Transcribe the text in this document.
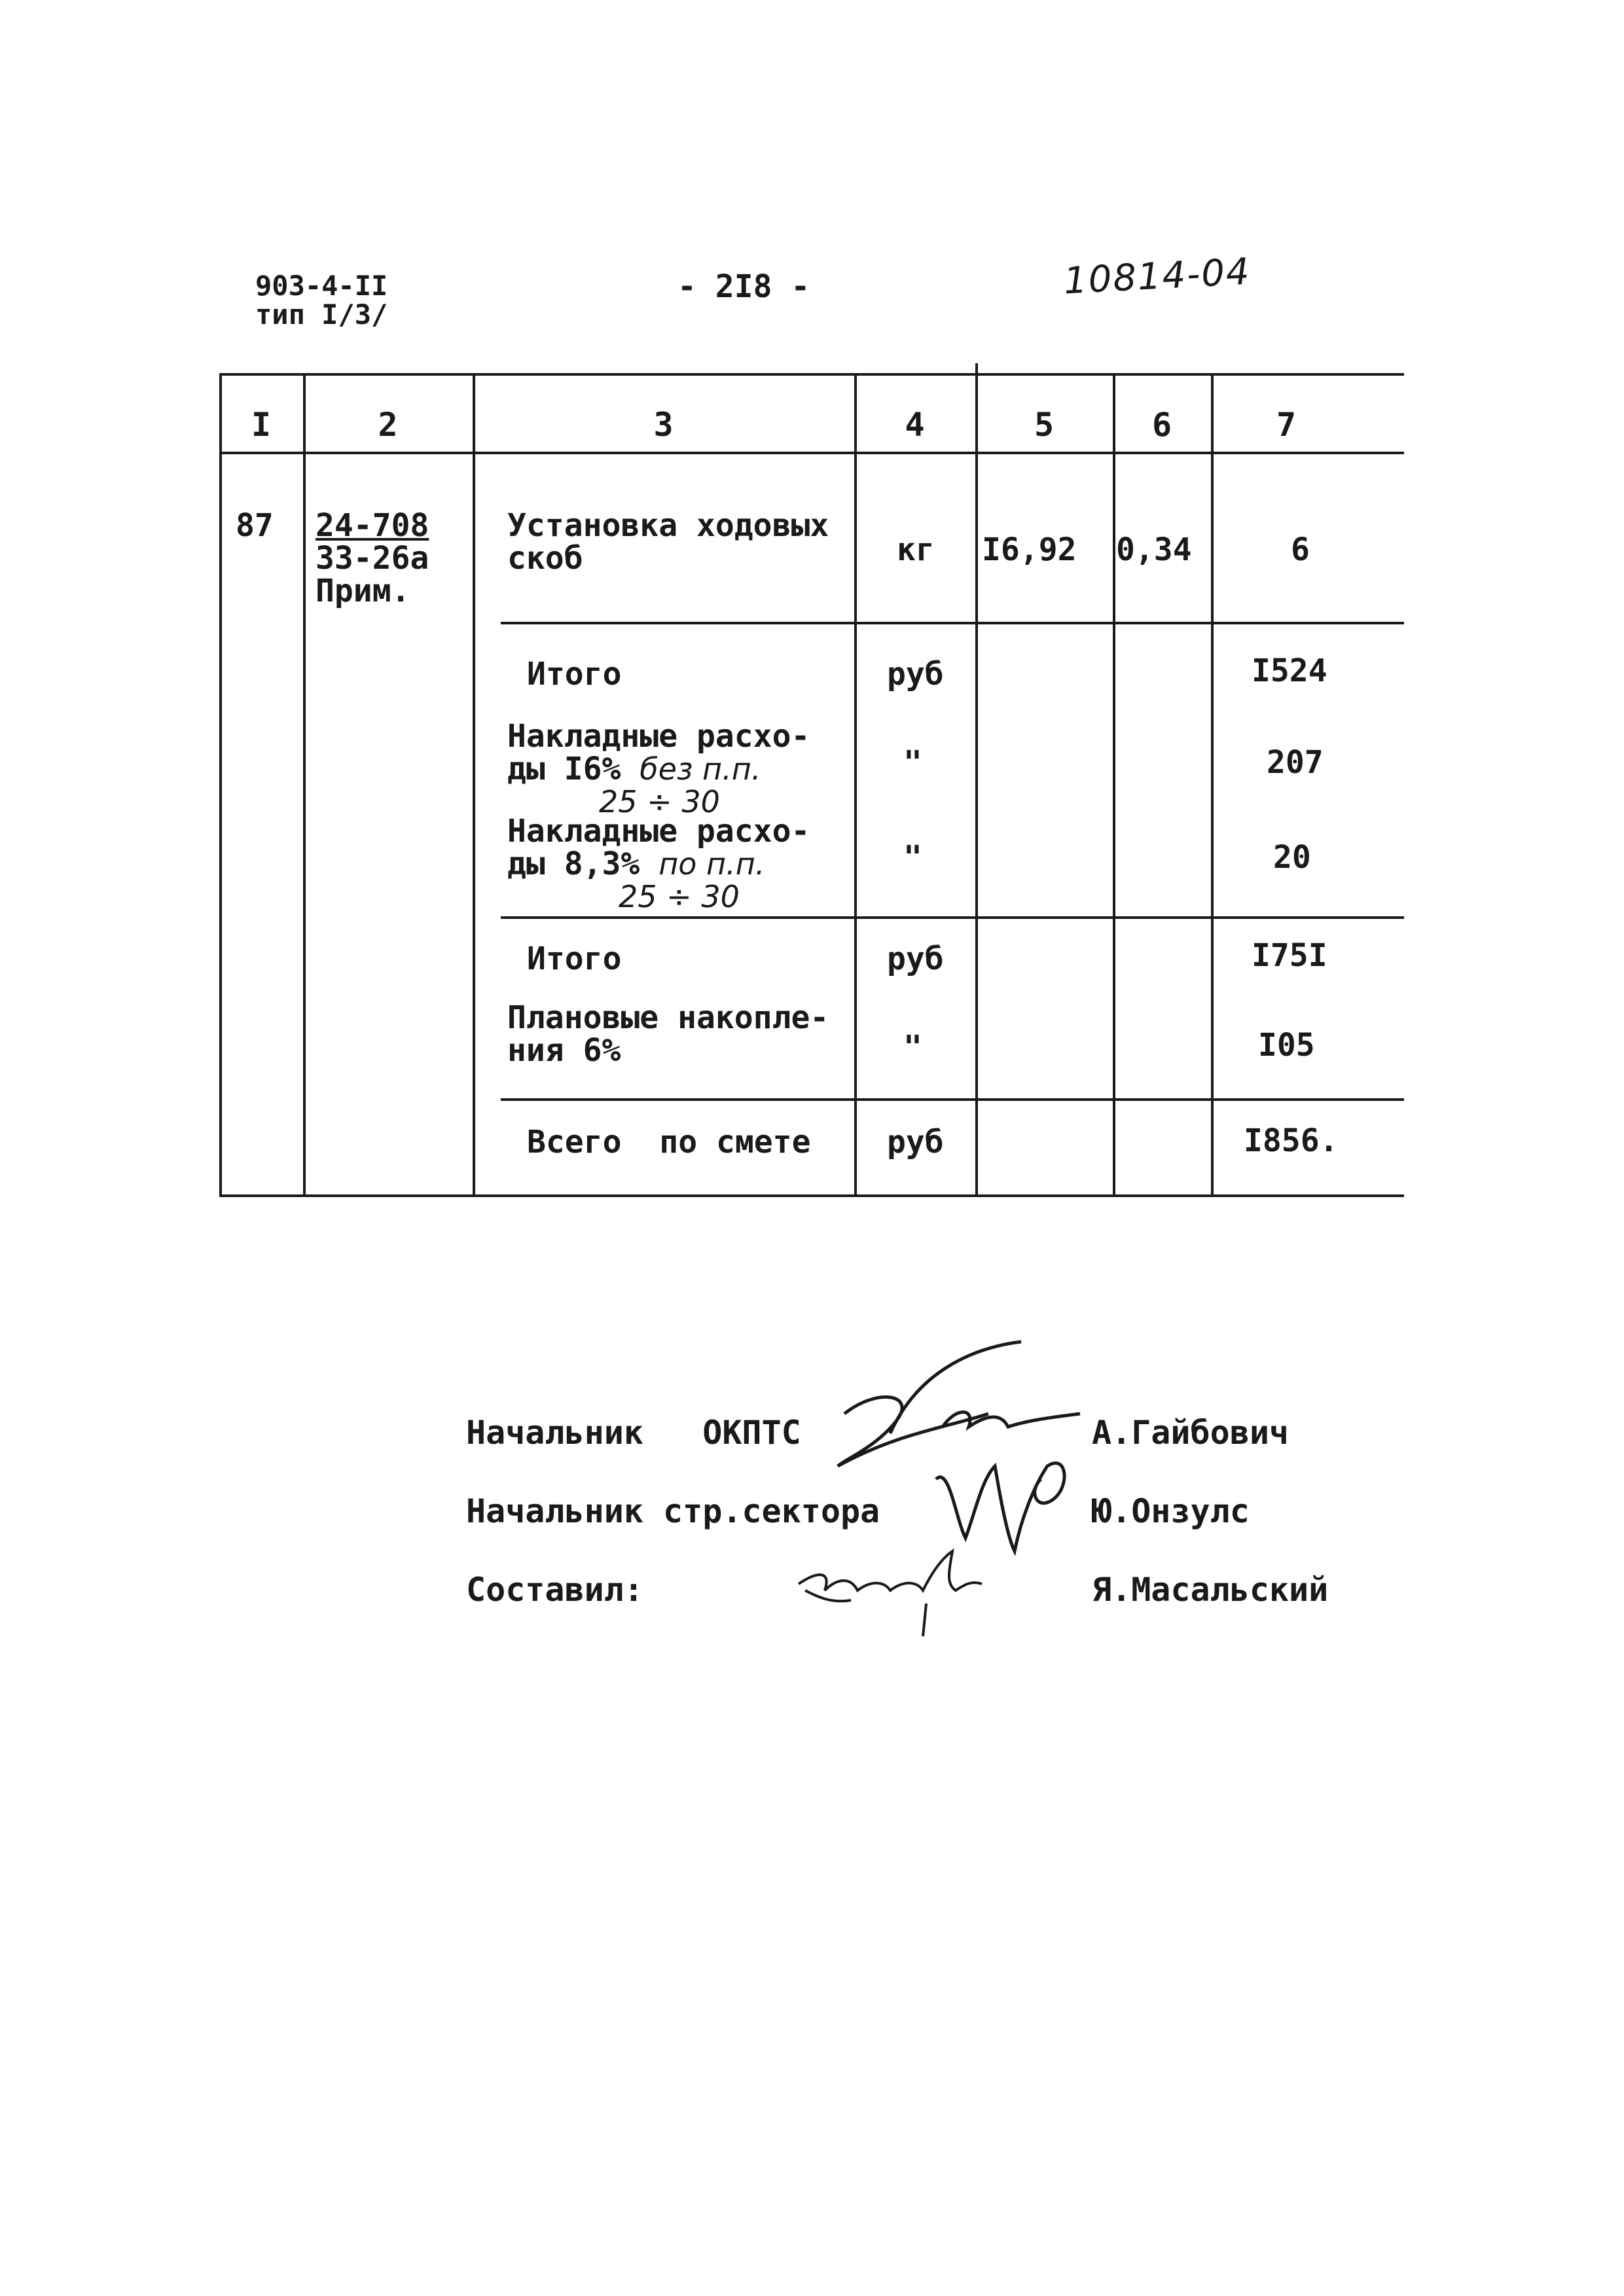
903-4-II
тип I/3/
- 2I8 -	10814-04
I	2	3	4	5	6	7
87 24-708
33-26а
Прим.
Установка ходовых
скоб	кг I6,92 0,34	6
Итого	руб	I524
Накладные расхо-
ды I6% без п.п.
25 ÷ 30
"	207
Накладные расхо-
ды 8,3% по п.п.
25 ÷ 30
"	20
Итого	руб	I75I
Плановые накопле-
ния 6%	"	I05
Всего  по смете руб	I856.
Начальник   ОКПТС	А.Гайбович
Начальник стр.сектора	Ю.Онзулс
Составил:	Я.Масальский
